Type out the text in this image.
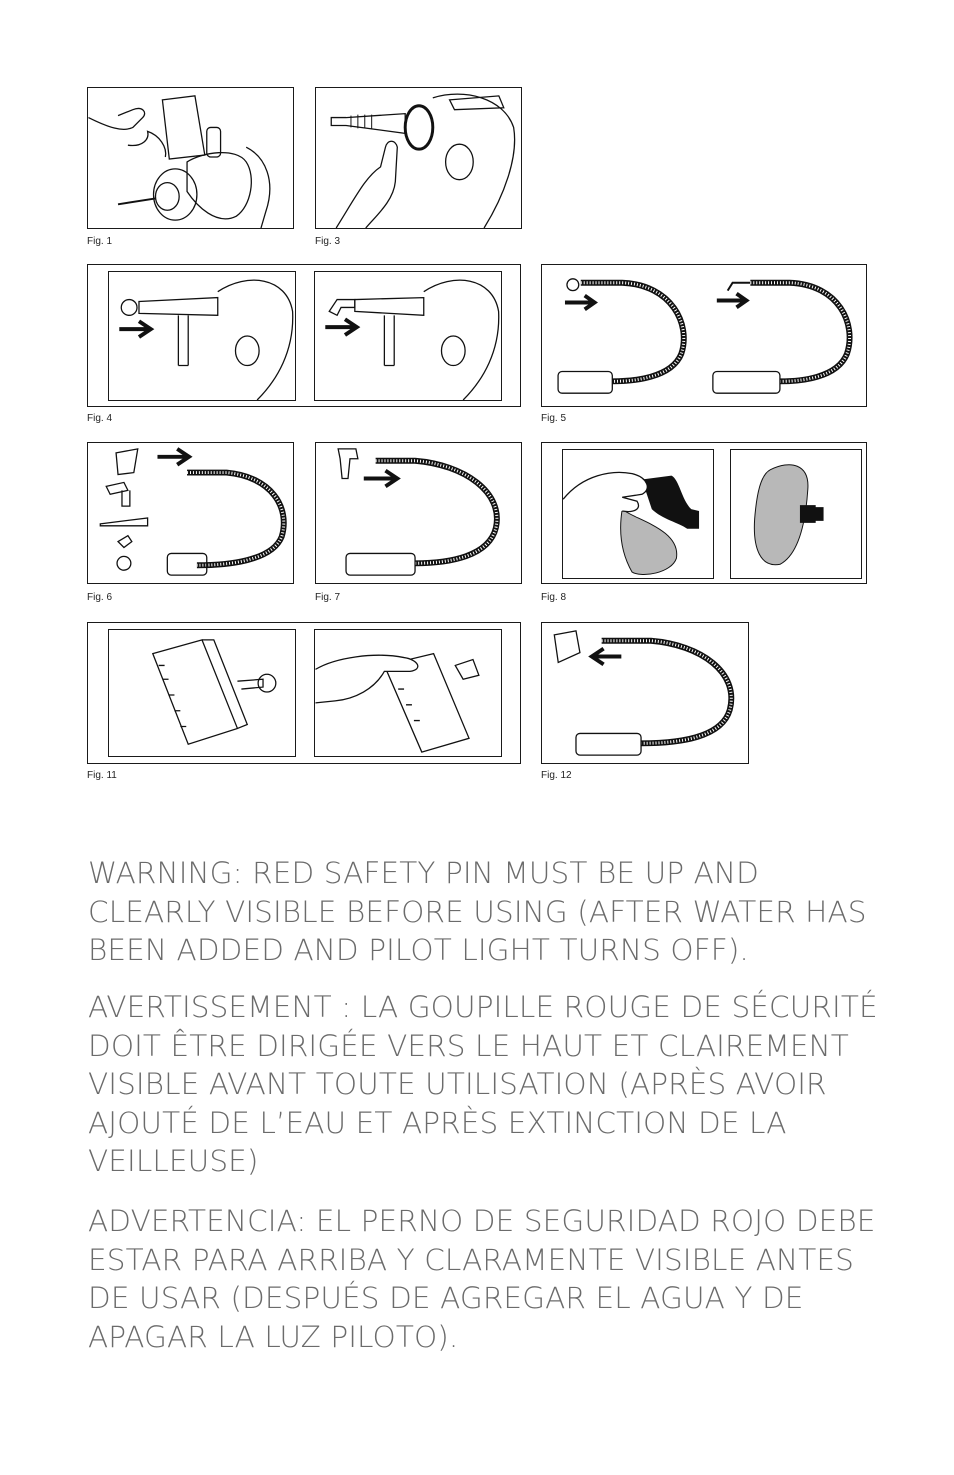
Fig. 1	Fig. 3
Fig. 4	Fig. 5
Fig. 6	Fig. 7	Fig. 8
Fig. 11	Fig. 12

WARNING: RED SAFETY PIN MUST BE UP AND CLEARLY VISIBLE BEFORE USING (AFTER WATER HAS BEEN ADDED AND PILOT LIGHT TURNS OFF).

AVERTISSEMENT : LA GOUPILLE ROUGE DE SÉCURITÉ DOIT ÊTRE DIRIGÉE VERS LE HAUT ET CLAIREMENT VISIBLE AVANT TOUTE UTILISATION (APRÈS AVOIR AJOUTÉ DE L’EAU ET APRÈS EXTINCTION DE LA VEILLEUSE)

ADVERTENCIA: EL PERNO DE SEGURIDAD ROJO DEBE ESTAR PARA ARRIBA Y CLARAMENTE VISIBLE ANTES DE USAR (DESPUÉS DE AGREGAR EL AGUA Y DE APAGAR LA LUZ PILOTO).
